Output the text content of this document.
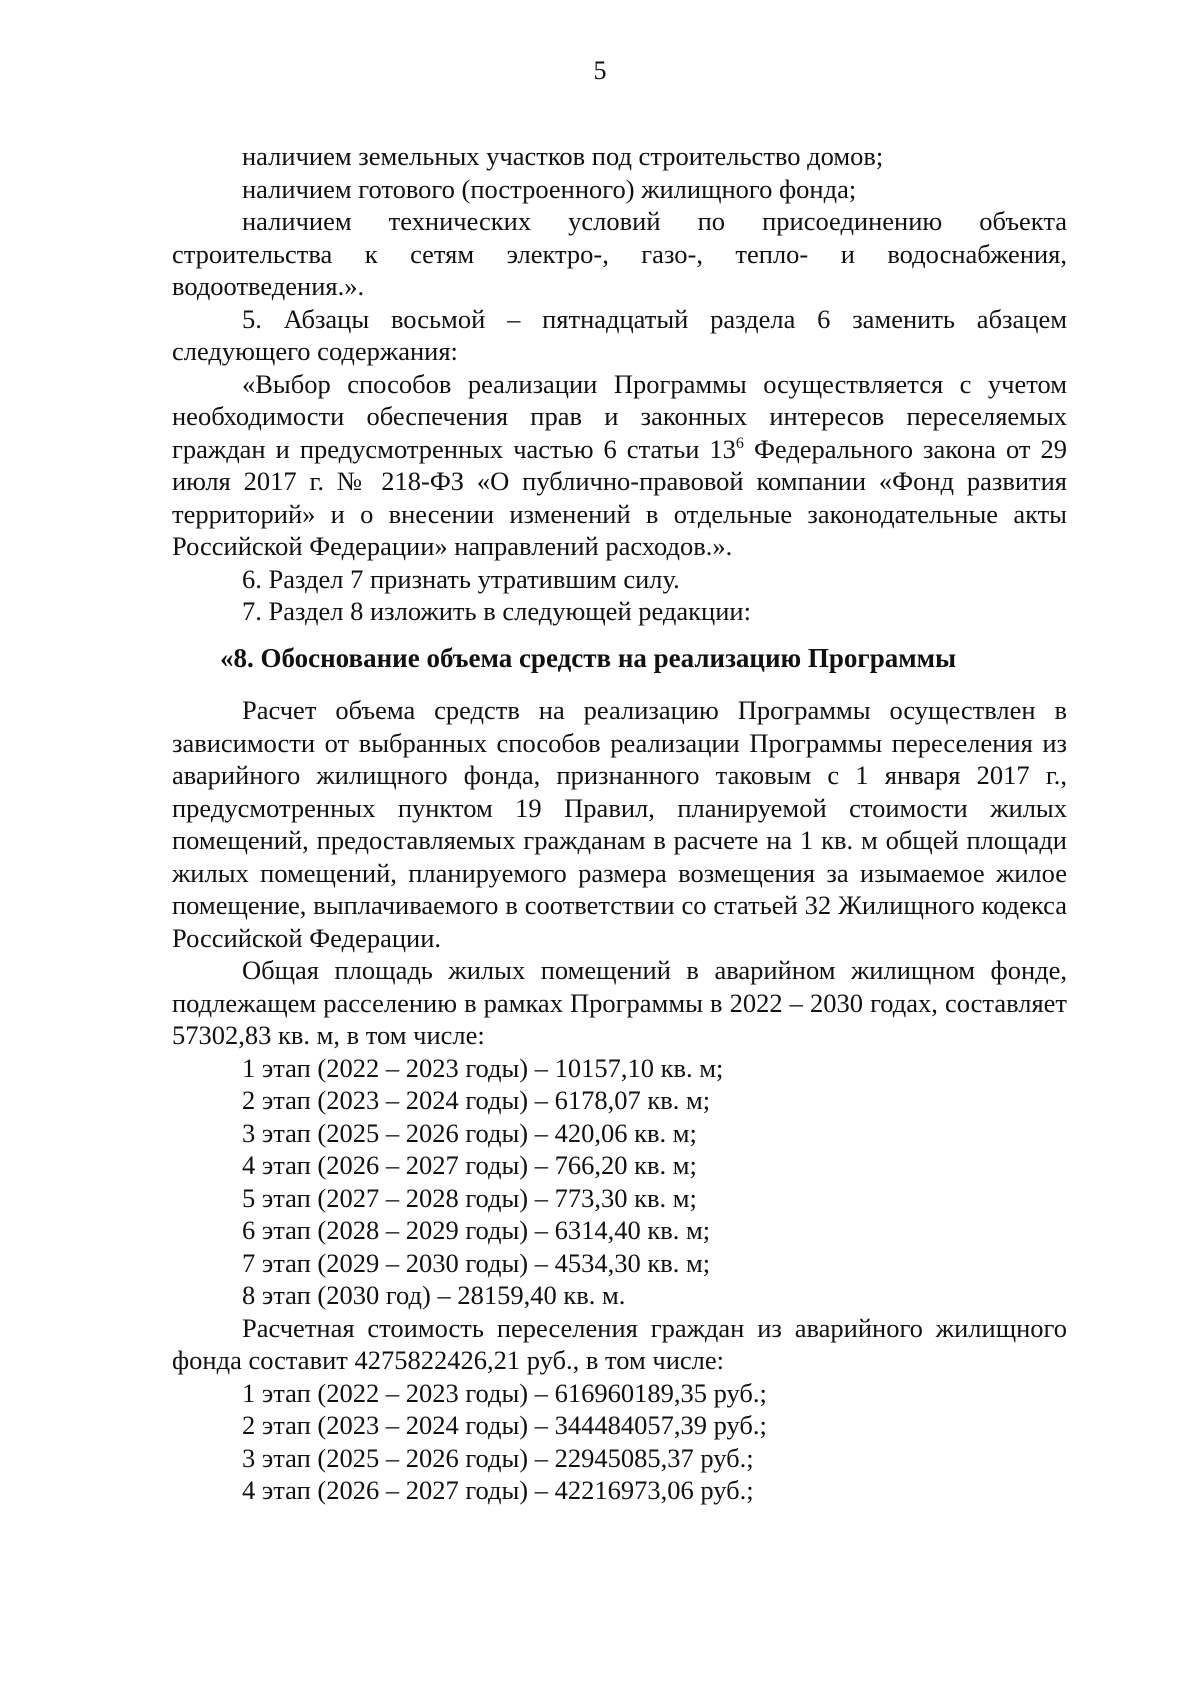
5

наличием земельных участков под строительство домов;

наличием готового (построенного) жилищного фонда;

наличием технических условий по присоединению объекта строительства к сетям электро-, газо-, тепло- и водоснабжения, водоотведения.».

5. Абзацы восьмой – пятнадцатый раздела 6 заменить абзацем следующего содержания:

«Выбор способов реализации Программы осуществляется с учетом необходимости обеспечения прав и законных интересов переселяемых граждан и предусмотренных частью 6 статьи $13^6$ Федерального закона от 29 июля 2017 г. № 218-ФЗ «О публично-правовой компании «Фонд развития территорий» и о внесении изменений в отдельные законодательные акты Российской Федерации» направлений расходов.».

6. Раздел 7 признать утратившим силу.

7. Раздел 8 изложить в следующей редакции:

«8. Обоснование объема средств на реализацию Программы

Расчет объема средств на реализацию Программы осуществлен в зависимости от выбранных способов реализации Программы переселения из аварийного жилищного фонда, признанного таковым с 1 января 2017 г., предусмотренных пунктом 19 Правил, планируемой стоимости жилых помещений, предоставляемых гражданам в расчете на 1 кв. м общей площади жилых помещений, планируемого размера возмещения за изымаемое жилое помещение, выплачиваемого в соответствии со статьей 32 Жилищного кодекса Российской Федерации.

Общая площадь жилых помещений в аварийном жилищном фонде, подлежащем расселению в рамках Программы в 2022 – 2030 годах, составляет 57302,83 кв. м, в том числе:

1 этап (2022 – 2023 годы) – 10157,10 кв. м;

2 этап (2023 – 2024 годы) – 6178,07 кв. м;

3 этап (2025 – 2026 годы) – 420,06 кв. м;

4 этап (2026 – 2027 годы) – 766,20 кв. м;

5 этап (2027 – 2028 годы) – 773,30 кв. м;

6 этап (2028 – 2029 годы) – 6314,40 кв. м;

7 этап (2029 – 2030 годы) – 4534,30 кв. м;

8 этап (2030 год) – 28159,40 кв. м.

Расчетная стоимость переселения граждан из аварийного жилищного фонда составит 4275822426,21 руб., в том числе:

1 этап (2022 – 2023 годы) – 616960189,35 руб.;

2 этап (2023 – 2024 годы) – 344484057,39 руб.;

3 этап (2025 – 2026 годы) – 22945085,37 руб.;

4 этап (2026 – 2027 годы) – 42216973,06 руб.;
